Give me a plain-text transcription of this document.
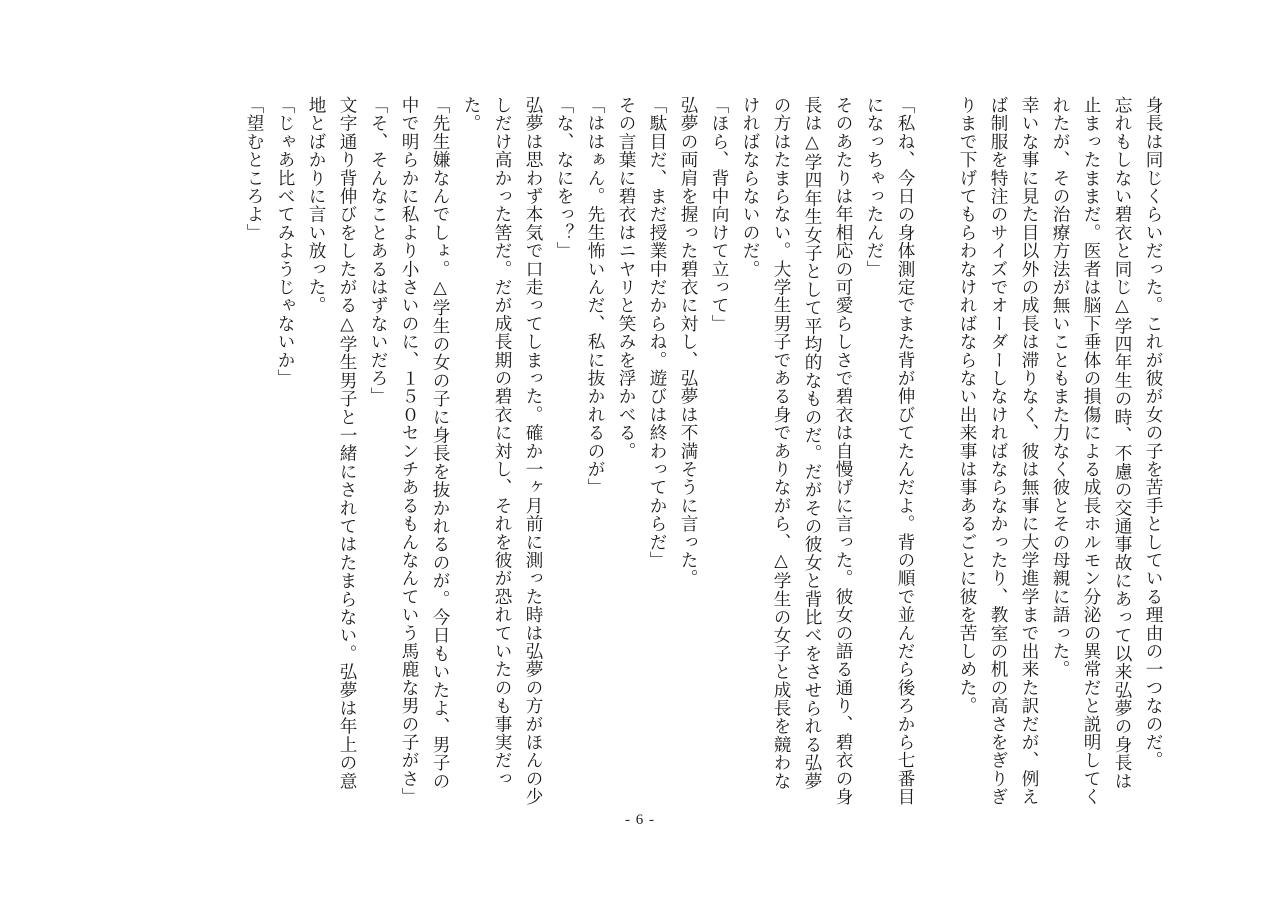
身長は同じくらいだった。これが彼が女の子を苦手としている理由の一つなのだ。

忘れもしない碧衣と同じ△学四年生の時、不慮の交通事故にあって以来弘夢の身長は止まったままだ。医者は脳下垂体の損傷による成長ホルモン分泌の異常だと説明してくれたが、その治療方法が無いこともまた力なく彼とその母親に語った。

幸いな事に見た目以外の成長は滞りなく、彼は無事に大学進学まで出来た訳だが、例えば制服を特注のサイズでオーダーしなければならなかったり、教室の机の高さをぎりぎりまで下げてもらわなければならない出来事は事あるごとに彼を苦しめた。

「私ね、今日の身体測定でまた背が伸びてたんだよ。背の順で並んだら後ろから七番目になっちゃったんだ」

そのあたりは年相応の可愛らしさで碧衣は自慢げに言った。彼女の語る通り、碧衣の身長は△学四年生女子として平均的なものだ。だがその彼女と背比べをさせられる弘夢の方はたまらない。大学生男子である身でありながら、△学生の女子と成長を競わなければならないのだ。

「ほら、背中向けて立って」

弘夢の両肩を握った碧衣に対し、弘夢は不満そうに言った。

「駄目だ、まだ授業中だからね。遊びは終わってからだ」

その言葉に碧衣はニヤリと笑みを浮かべる。

「ははぁん。先生怖いんだ、私に抜かれるのが」

「な、なにをっ？」

弘夢は思わず本気で口走ってしまった。確か一ヶ月前に測った時は弘夢の方がほんの少しだけ高かった筈だ。だが成長期の碧衣に対し、それを彼が恐れていたのも事実だった。

「先生嫌なんでしょ。△学生の女の子に身長を抜かれるのが。今日もいたよ、男子の中で明らかに私より小さいのに、１５０センチあるもんなんていう馬鹿な男の子がさ」

「そ、そんなことあるはずないだろ」

文字通り背伸びをしたがる△学生男子と一緒にされてはたまらない。弘夢は年上の意地とばかりに言い放った。

「じゃあ比べてみようじゃないか」

「望むところよ」

- 6 -
